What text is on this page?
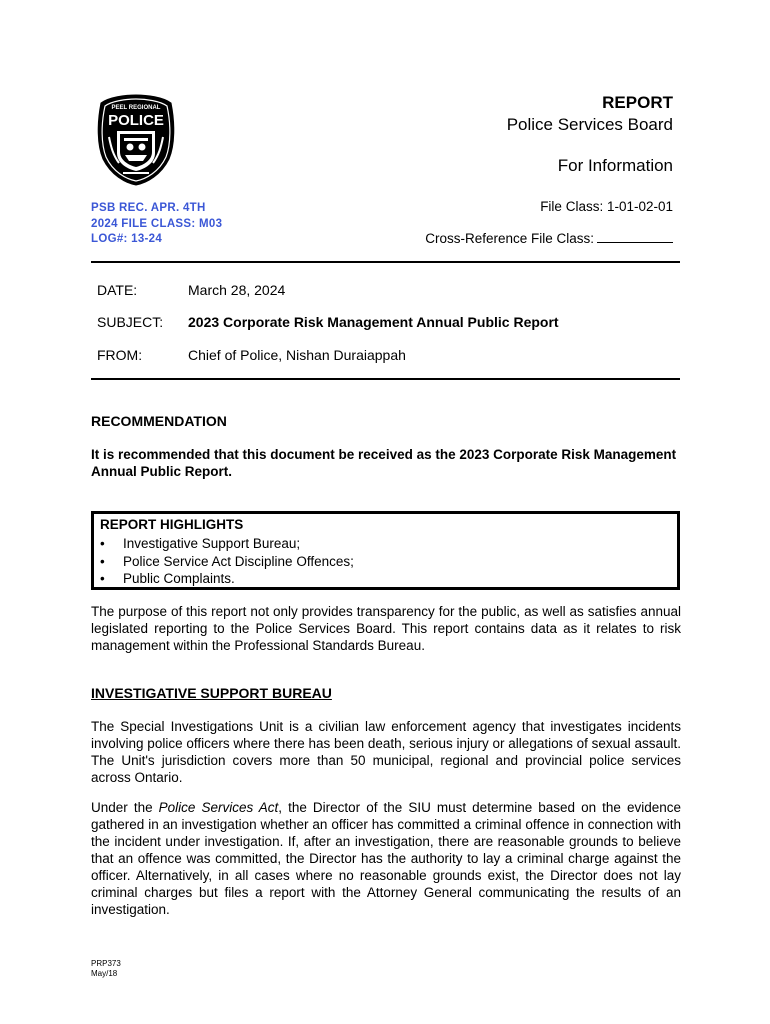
PEEL REGIONAL
POLICE
REPORT
Police Services Board
For Information
File Class: 1-01-02-01
Cross-Reference File Class:
PSB REC. APR. 4TH
2024 FILE CLASS: M03
LOG#: 13-24
DATE:	March 28, 2024
SUBJECT: 2023 Corporate Risk Management Annual Public Report
FROM:	Chief of Police, Nishan Duraiappah
RECOMMENDATION
It is recommended that this document be received as the 2023 Corporate Risk Management Annual Public Report.
REPORT HIGHLIGHTS
• Investigative Support Bureau;
• Police Service Act Discipline Offences;
• Public Complaints.
The purpose of this report not only provides transparency for the public, as well as satisfies annual legislated reporting to the Police Services Board. This report contains data as it relates to risk management within the Professional Standards Bureau.
INVESTIGATIVE SUPPORT BUREAU
The Special Investigations Unit is a civilian law enforcement agency that investigates incidents involving police officers where there has been death, serious injury or allegations of sexual assault. The Unit's jurisdiction covers more than 50 municipal, regional and provincial police services across Ontario.
Under the Police Services Act, the Director of the SIU must determine based on the evidence gathered in an investigation whether an officer has committed a criminal offence in connection with the incident under investigation. If, after an investigation, there are reasonable grounds to believe that an offence was committed, the Director has the authority to lay a criminal charge against the officer. Alternatively, in all cases where no reasonable grounds exist, the Director does not lay criminal charges but files a report with the Attorney General communicating the results of an investigation.
PRP373
May/18
